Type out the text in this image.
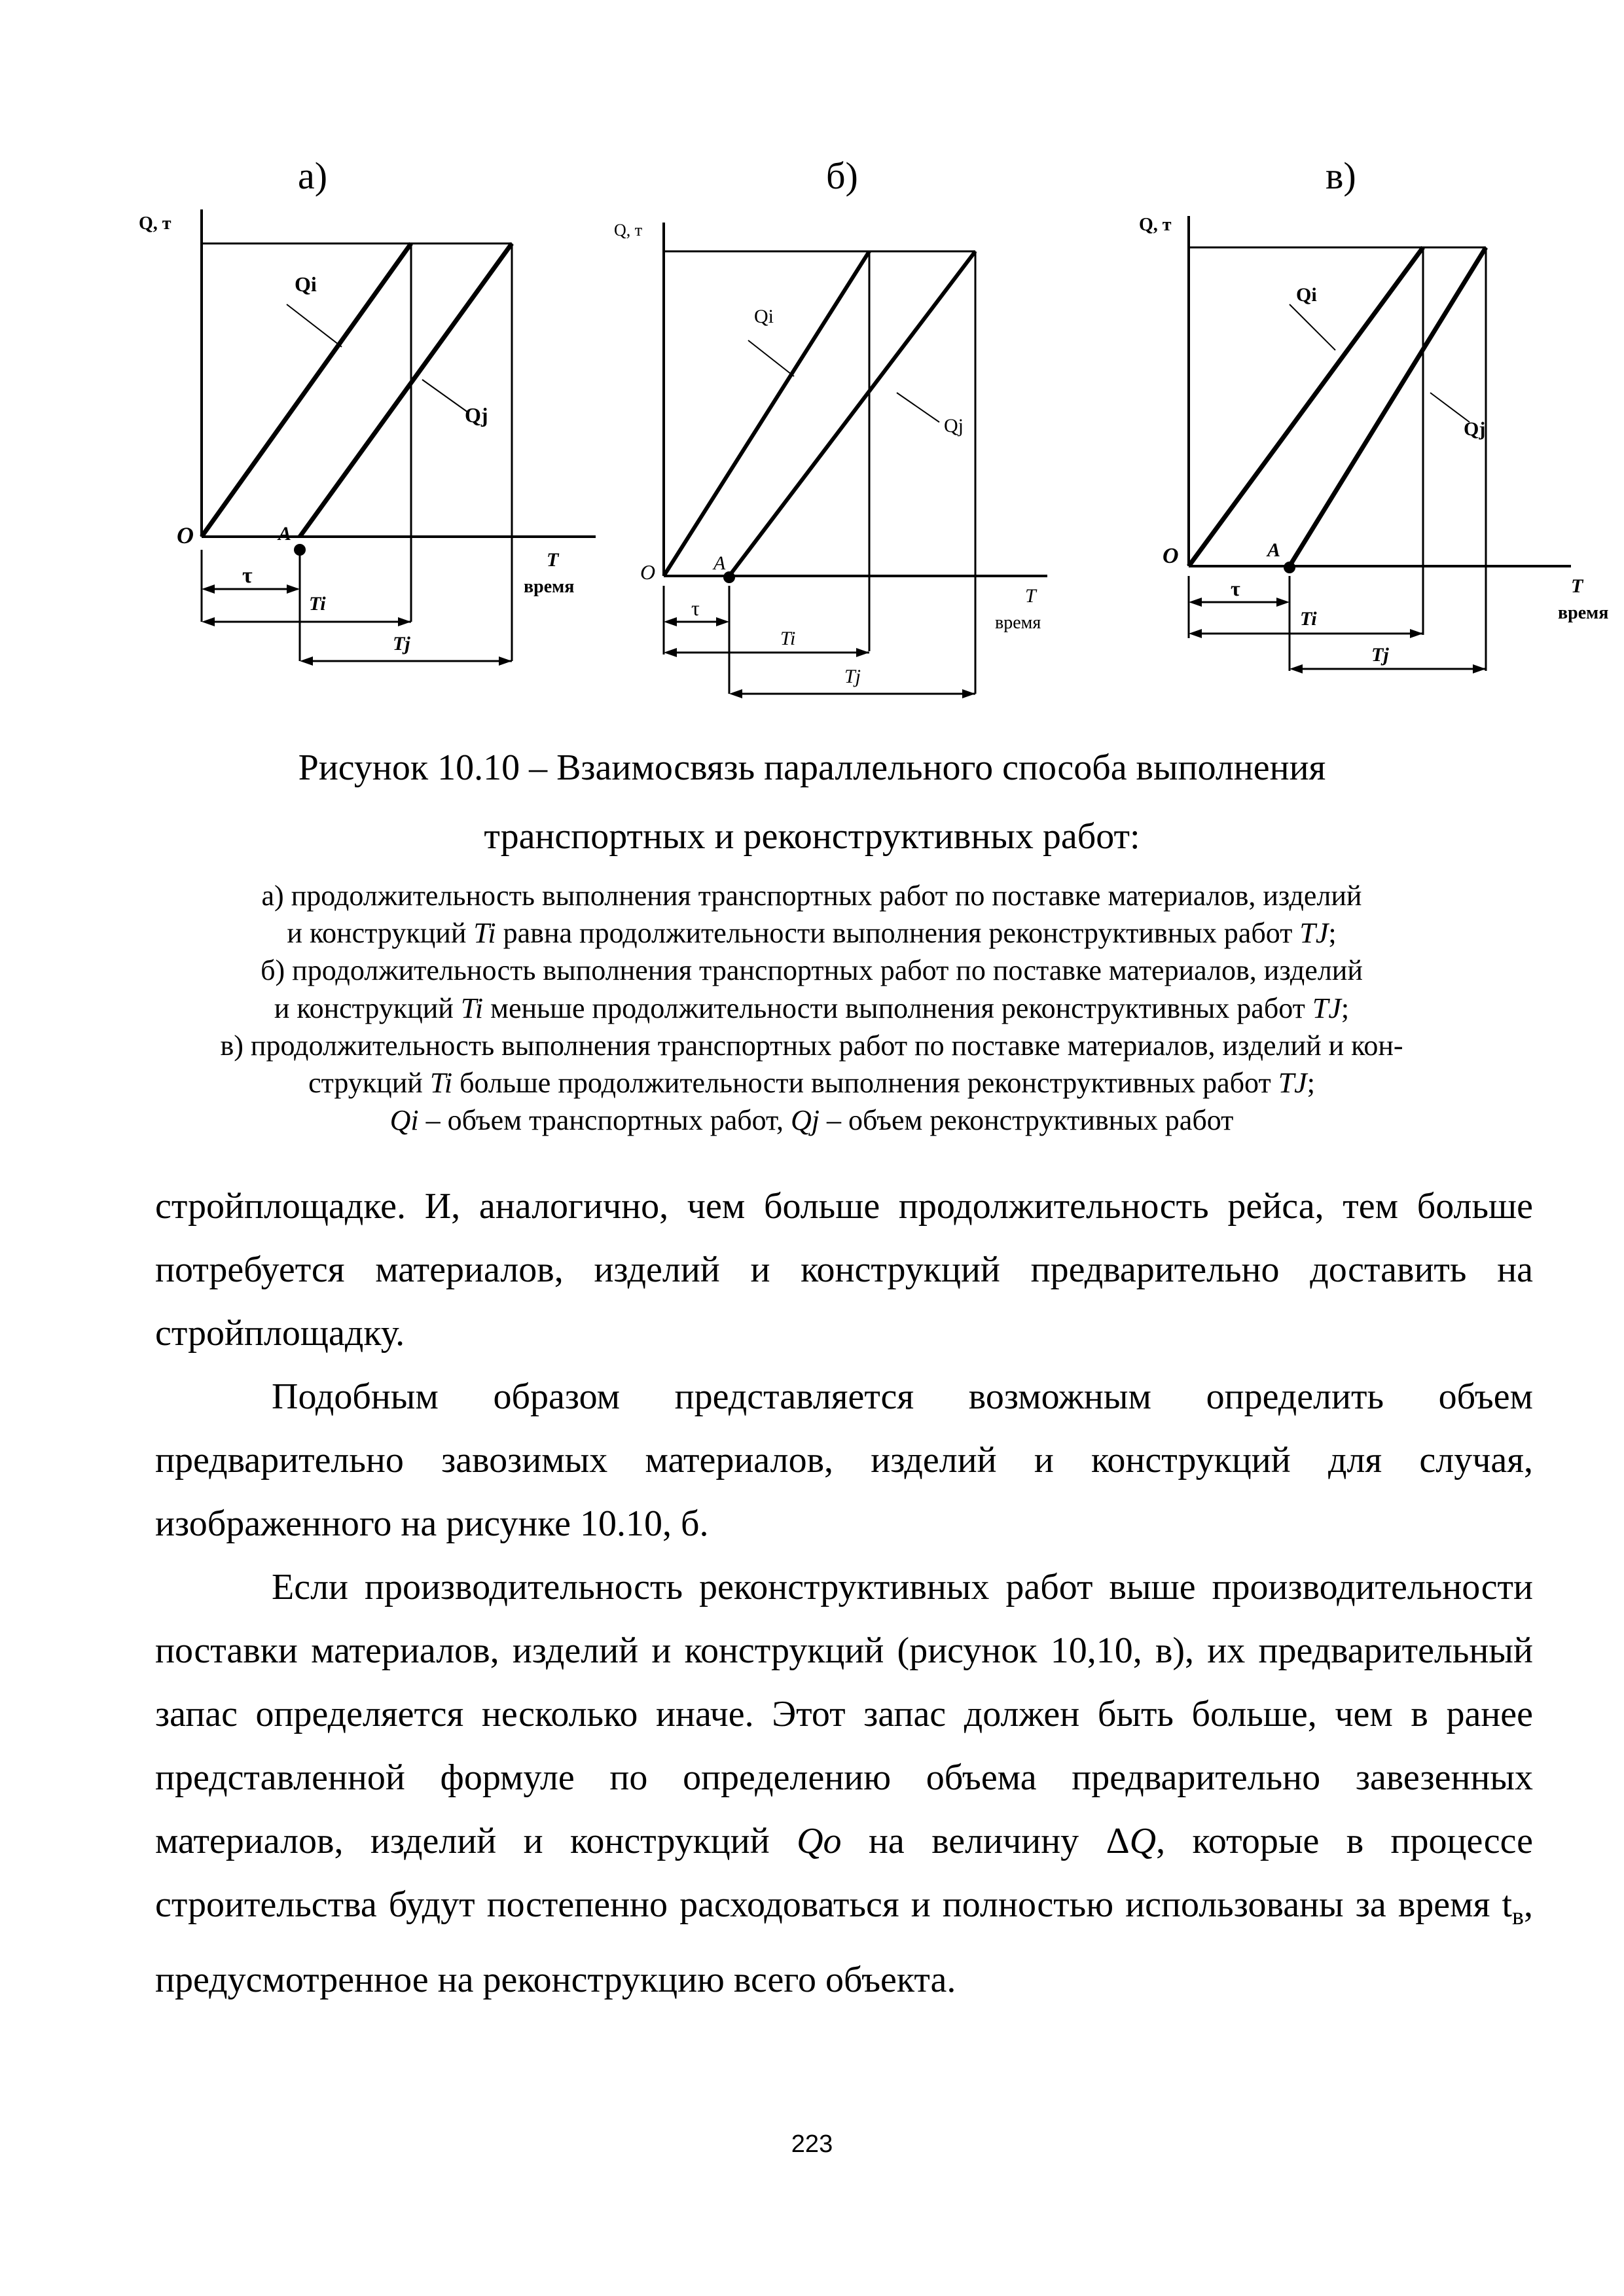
а)	б)	в)
Q, т
O	A
Qi
Qj
T
время
τ
Ti
Tj
Q, т
O	A
Qi
Qj
T
время
τ
Ti
Tj
Q, т
O	A
Qi
Qj
T
время
τ
Ti
Tj
Рисунок 10.10 – Взаимосвязь параллельного способа выполнения
транспортных и реконструктивных работ:
а) продолжительность выполнения транспортных работ по поставке материалов, изделий
и конструкций Ti равна продолжительности выполнения реконструктивных работ TJ;
б) продолжительность выполнения транспортных работ по поставке материалов, изделий
и конструкций Ti меньше продолжительности выполнения реконструктивных работ TJ;
в) продолжительность выполнения транспортных работ по поставке материалов, изделий и кон-
струкций Ti больше продолжительности выполнения реконструктивных работ TJ;
Qi – объем транспортных работ, Qj – объем реконструктивных работ

стройплощадке. И, аналогично, чем больше продолжительность рейса, тем больше потребуется материалов, изделий и конструкций предварительно доставить на стройплощадку.

Подобным образом представляется возможным определить объем предварительно завозимых материалов, изделий и конструкций для случая, изображенного на рисунке 10.10, б.

Если производительность реконструктивных работ выше производительности поставки материалов, изделий и конструкций (рисунок 10,10, в), их предварительный запас определяется несколько иначе. Этот запас должен быть больше, чем в ранее представленной формуле по определению объема предварительно завезенных материалов, изделий и конструкций Qo на величину ΔQ, которые в процессе строительства будут постепенно расходоваться и полностью использованы за время $t_в$, предусмотренное на реконструкцию всего объекта.

223
